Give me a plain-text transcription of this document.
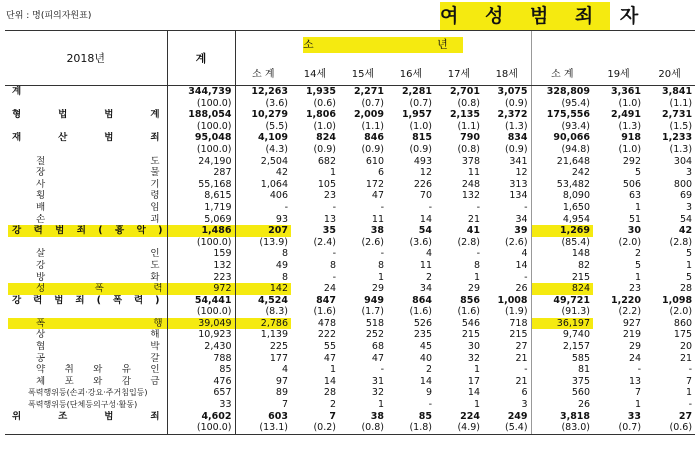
단위 : 명(피의자원표)	여 성 범 죄 자
2018년	계	소 년								
		소 계	14세	15세	16세	17세	18세	소 계	19세	20세

계	344,739	12,263	1,935	2,271	2,281	2,701	3,075	328,809	3,361	3,841

	(100.0)	(3.6)	(0.6)	(0.7)	(0.7)	(0.8)	(0.9)	(95.4)	(1.0)	(1.1)

형 법 범 계	188,054	10,279	1,806	2,009	1,957	2,135	2,372	175,556	2,491	2,731

	(100.0)	(5.5)	(1.0)	(1.1)	(1.0)	(1.1)	(1.3)	(93.4)	(1.3)	(1.5)

재 산 범 죄	95,048	4,109	824	846	815	790	834	90,066	918	1,233

	(100.0)	(4.3)	(0.9)	(0.9)	(0.9)	(0.8)	(0.9)	(94.8)	(1.0)	(1.3)

절 도	24,190	2,504	682	610	493	378	341	21,648	292	304

장 물	287	42	1	6	12	11	12	242	5	3

사 기	55,168	1,064	105	172	226	248	313	53,482	506	800

횡 령	8,615	406	23	47	70	132	134	8,090	63	69

배 임	1,719	-	-	-	-	-	-	1,650	1	3

손 괴	5,069	93	13	11	14	21	34	4,954	51	54

강 력 범 죄 ( 흉 악 )	1,486	207	35	38	54	41	39	1,269	30	42

	(100.0)	(13.9)	(2.4)	(2.6)	(3.6)	(2.8)	(2.6)	(85.4)	(2.0)	(2.8)

살 인	159	8	-	-	4	-	4	148	2	5

강 도	132	49	8	8	11	8	14	82	5	1

방 화	223	8	-	1	2	1	-	215	1	5

성 폭 력	972	142	24	29	34	29	26	824	23	28

강 력 범 죄 ( 폭 력 )	54,441	4,524	847	949	864	856	1,008	49,721	1,220	1,098

	(100.0)	(8.3)	(1.6)	(1.7)	(1.6)	(1.6)	(1.9)	(91.3)	(2.2)	(2.0)

폭 행	39,049	2,786	478	518	526	546	718	36,197	927	860

상 해	10,923	1,139	222	252	235	215	215	9,740	219	175

협 박	2,430	225	55	68	45	30	27	2,157	29	20

공 갈	788	177	47	47	40	32	21	585	24	21

약 취 와 유 인	85	4	1	-	2	1	-	81	-	-

체 포 와 감 금	476	97	14	31	14	17	21	375	13	7

폭력행위등(손괴·강요·주거침입등)	657	89	28	32	9	14	6	560	7	1

폭력행위등(단체등의구성·활동)	33	7	2	1	-	1	3	26	1	-

위 조 범 죄	4,602	603	7	38	85	224	249	3,818	33	27

	(100.0)	(13.1)	(0.2)	(0.8)	(1.8)	(4.9)	(5.4)	(83.0)	(0.7)	(0.6)
